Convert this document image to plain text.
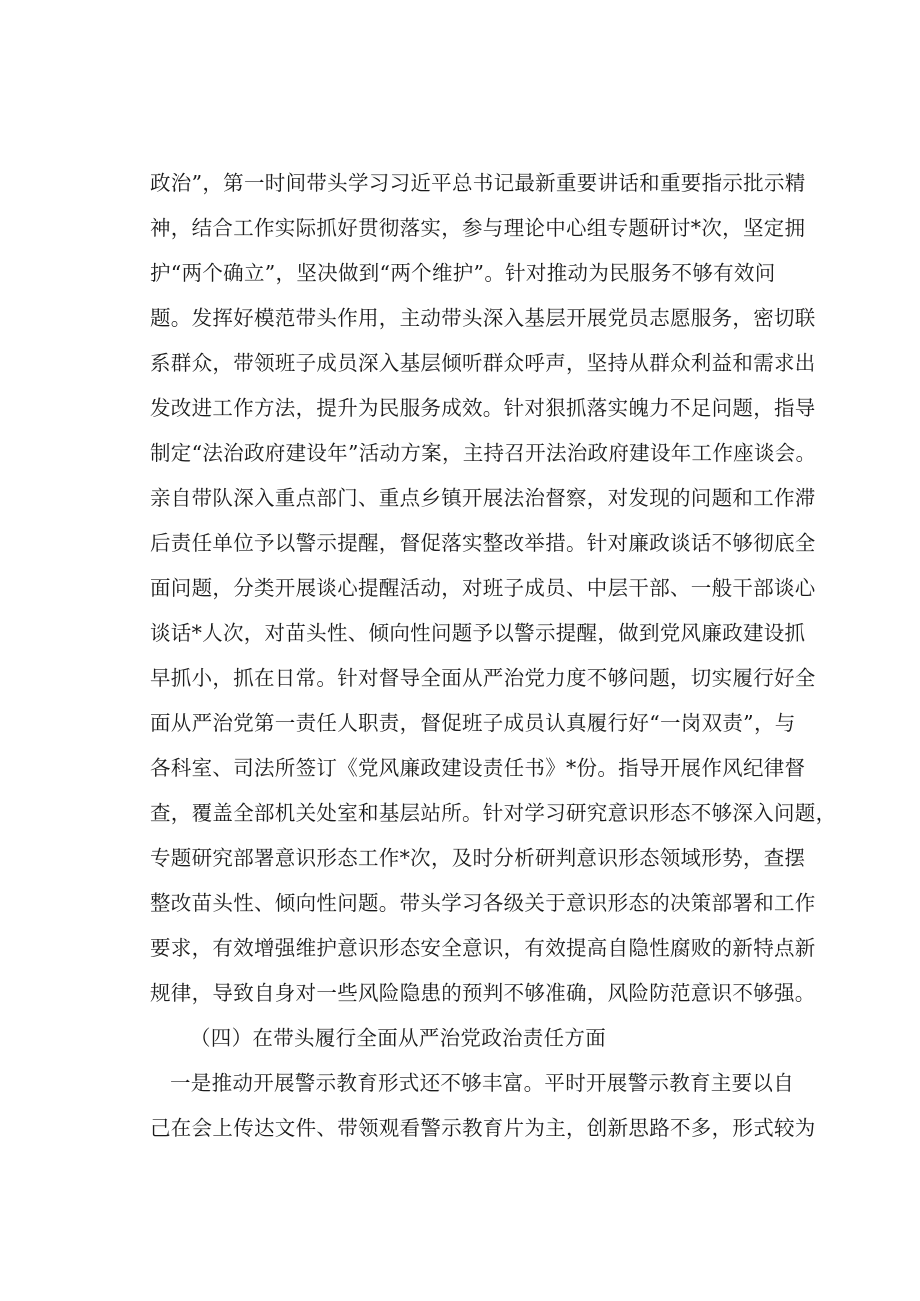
政治”，第一时间带头学习习近平总书记最新重要讲话和重要指示批示精
神，结合工作实际抓好贯彻落实，参与理论中心组专题研讨*次，坚定拥
护“两个确立”，坚决做到“两个维护”。针对推动为民服务不够有效问
题。发挥好模范带头作用，主动带头深入基层开展党员志愿服务，密切联
系群众，带领班子成员深入基层倾听群众呼声，坚持从群众利益和需求出
发改进工作方法，提升为民服务成效。针对狠抓落实魄力不足问题，指导
制定“法治政府建设年”活动方案，主持召开法治政府建设年工作座谈会。
亲自带队深入重点部门、重点乡镇开展法治督察，对发现的问题和工作滞
后责任单位予以警示提醒，督促落实整改举措。针对廉政谈话不够彻底全
面问题，分类开展谈心提醒活动，对班子成员、中层干部、一般干部谈心
谈话*人次，对苗头性、倾向性问题予以警示提醒，做到党风廉政建设抓
早抓小，抓在日常。针对督导全面从严治党力度不够问题，切实履行好全
面从严治党第一责任人职责，督促班子成员认真履行好“一岗双责”，与
各科室、司法所签订《党风廉政建设责任书》*份。指导开展作风纪律督
查，覆盖全部机关处室和基层站所。针对学习研究意识形态不够深入问题，
专题研究部署意识形态工作*次，及时分析研判意识形态领域形势，查摆
整改苗头性、倾向性问题。带头学习各级关于意识形态的决策部署和工作
要求，有效增强维护意识形态安全意识，有效提高自隐性腐败的新特点新
规律，导致自身对一些风险隐患的预判不够准确，风险防范意识不够强。
（四）在带头履行全面从严治党政治责任方面
一是推动开展警示教育形式还不够丰富。平时开展警示教育主要以自
己在会上传达文件、带领观看警示教育片为主，创新思路不多，形式较为
